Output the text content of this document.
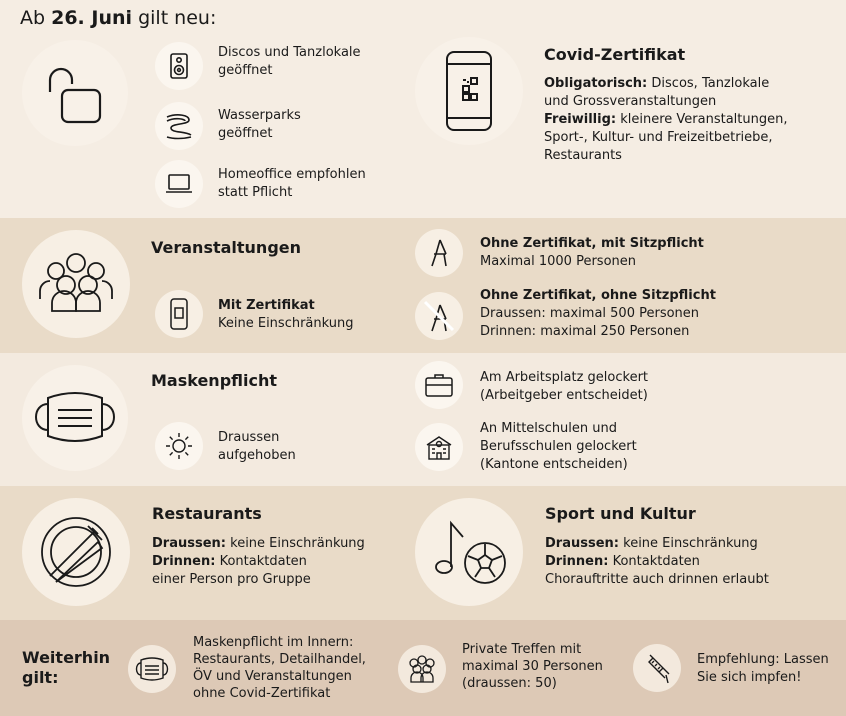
Ab 26. Juni gilt neu:
Discos und Tanzlokale
geöffnet
Wasserparks
geöffnet
Homeoffice empfohlen
statt Pflicht
Covid-Zertifikat
Obligatorisch: Discos, Tanzlokale
und Grossveranstaltungen
Freiwillig: kleinere Veranstaltungen,
Sport-, Kultur- und Freizeitbetriebe,
Restaurants
Veranstaltungen
Mit Zertifikat
Keine Einschränkung
Ohne Zertifikat, mit Sitzpflicht
Maximal 1000 Personen
Ohne Zertifikat, ohne Sitzpflicht
Draussen: maximal 500 Personen
Drinnen: maximal 250 Personen
Maskenpflicht
Draussen
aufgehoben
Am Arbeitsplatz gelockert
(Arbeitgeber entscheidet)
An Mittelschulen und
Berufsschulen gelockert
(Kantone entscheiden)
Restaurants
Draussen: keine Einschränkung
Drinnen: Kontaktdaten
einer Person pro Gruppe
Sport und Kultur
Draussen: keine Einschränkung
Drinnen: Kontaktdaten
Chorauftritte auch drinnen erlaubt
Weiterhin
gilt:
Maskenpflicht im Innern:
Restaurants, Detailhandel,
ÖV und Veranstaltungen
ohne Covid-Zertifikat
Private Treffen mit
maximal 30 Personen
(draussen: 50)
Empfehlung: Lassen
Sie sich impfen!
